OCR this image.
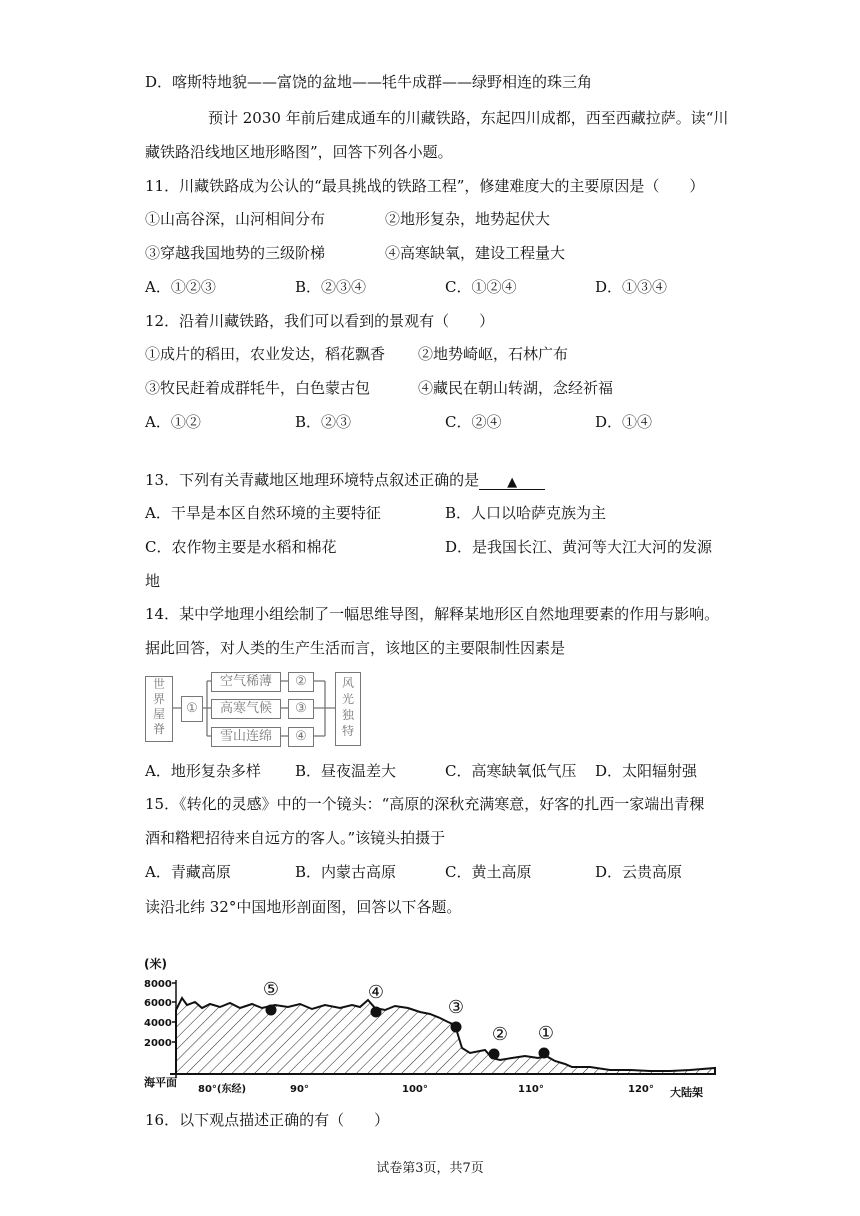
D．喀斯特地貌——富饶的盆地——牦牛成群——绿野相连的珠三角
预计 2030 年前后建成通车的川藏铁路，东起四川成都，西至西藏拉萨。读“川
藏铁路沿线地区地形略图”，回答下列各小题。
11．川藏铁路成为公认的“最具挑战的铁路工程”，修建难度大的主要原因是（　　）
①山高谷深，山河相间分布	②地形复杂，地势起伏大
③穿越我国地势的三级阶梯	④高寒缺氧，建设工程量大
A．①②③	B．②③④	C．①②④	D．①③④
12．沿着川藏铁路，我们可以看到的景观有（　　）
①成片的稻田，农业发达，稻花飘香 ②地势崎岖，石林广布
③牧民赶着成群牦牛，白色蒙古包	④藏民在朝山转湖，念经祈福
A．①②	B．②③	C．②④	D．①④
13．下列有关青藏地区地理环境特点叙述正确的是 ▲
A．干旱是本区自然环境的主要特征	B．人口以哈萨克族为主
C．农作物主要是水稻和棉花	D．是我国长江、黄河等大江大河的发源
地
14．某中学地理小组绘制了一幅思维导图，解释某地形区自然地理要素的作用与影响。
据此回答，对人类的生产生活而言，该地区的主要限制性因素是
世界屋脊
①
空气稀薄
高寒气候
雪山连绵
②
③
④
风光独特
A．地形复杂多样 B．昼夜温差大	C．高寒缺氧低气压 D．太阳辐射强
15．《转化的灵感》中的一个镜头：“高原的深秋充满寒意，好客的扎西一家端出青稞
酒和糌粑招待来自远方的客人。”该镜头拍摄于
A．青藏高原	B．内蒙古高原	C．黄土高原	D．云贵高原
读沿北纬 32°中国地形剖面图，回答以下各题。
⑤	④
③
② ①
(米)
8000
6000
4000
2000
海平面
80°(东经)	90°	100°	110°	120° 大陆架
16．以下观点描述正确的有（　　）
试卷第3页，共7页
